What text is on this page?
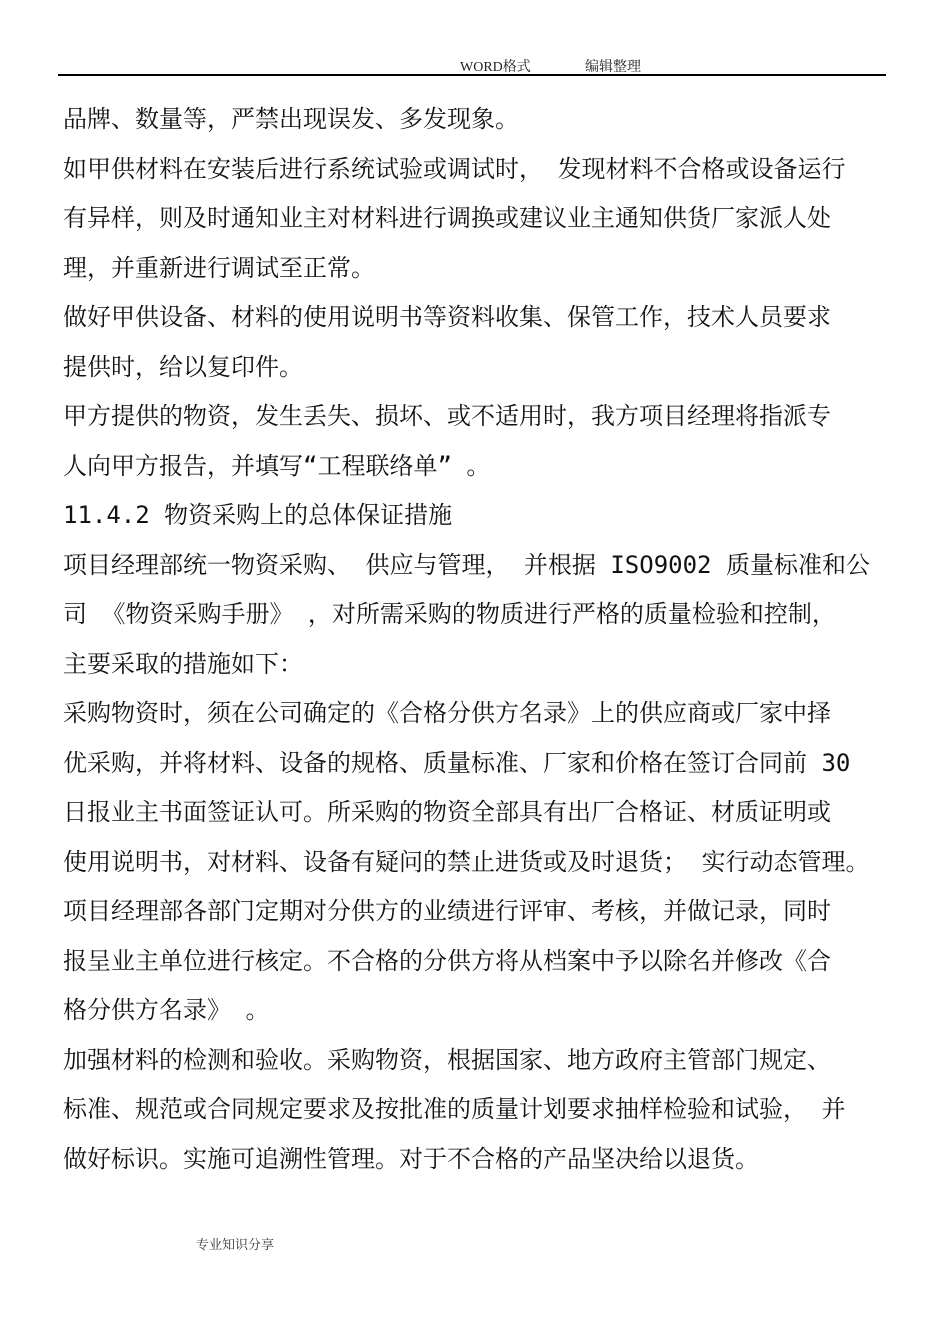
WORD格式	编辑整理
品牌、数量等，严禁出现误发、多发现象。
如甲供材料在安装后进行系统试验或调试时， 发现材料不合格或设备运行
有异样，则及时通知业主对材料进行调换或建议业主通知供货厂家派人处
理，并重新进行调试至正常。
做好甲供设备、材料的使用说明书等资料收集、保管工作，技术人员要求
提供时，给以复印件。
甲方提供的物资，发生丢失、损坏、或不适用时，我方项目经理将指派专
人向甲方报告，并填写“工程联络单” 。
11.4.2 物资采购上的总体保证措施
项目经理部统一物资采购、 供应与管理， 并根据 ISO9002 质量标准和公
司 《物资采购手册》 ，对所需采购的物质进行严格的质量检验和控制，
主要采取的措施如下：
采购物资时，须在公司确定的《合格分供方名录》上的供应商或厂家中择
优采购，并将材料、设备的规格、质量标准、厂家和价格在签订合同前 30
日报业主书面签证认可。所采购的物资全部具有出厂合格证、材质证明或
使用说明书，对材料、设备有疑问的禁止进货或及时退货； 实行动态管理。
项目经理部各部门定期对分供方的业绩进行评审、考核，并做记录，同时
报呈业主单位进行核定。不合格的分供方将从档案中予以除名并修改《合
格分供方名录》 。
加强材料的检测和验收。采购物资，根据国家、地方政府主管部门规定、
标准、规范或合同规定要求及按批准的质量计划要求抽样检验和试验， 并
做好标识。实施可追溯性管理。对于不合格的产品坚决给以退货。
专业知识分享
